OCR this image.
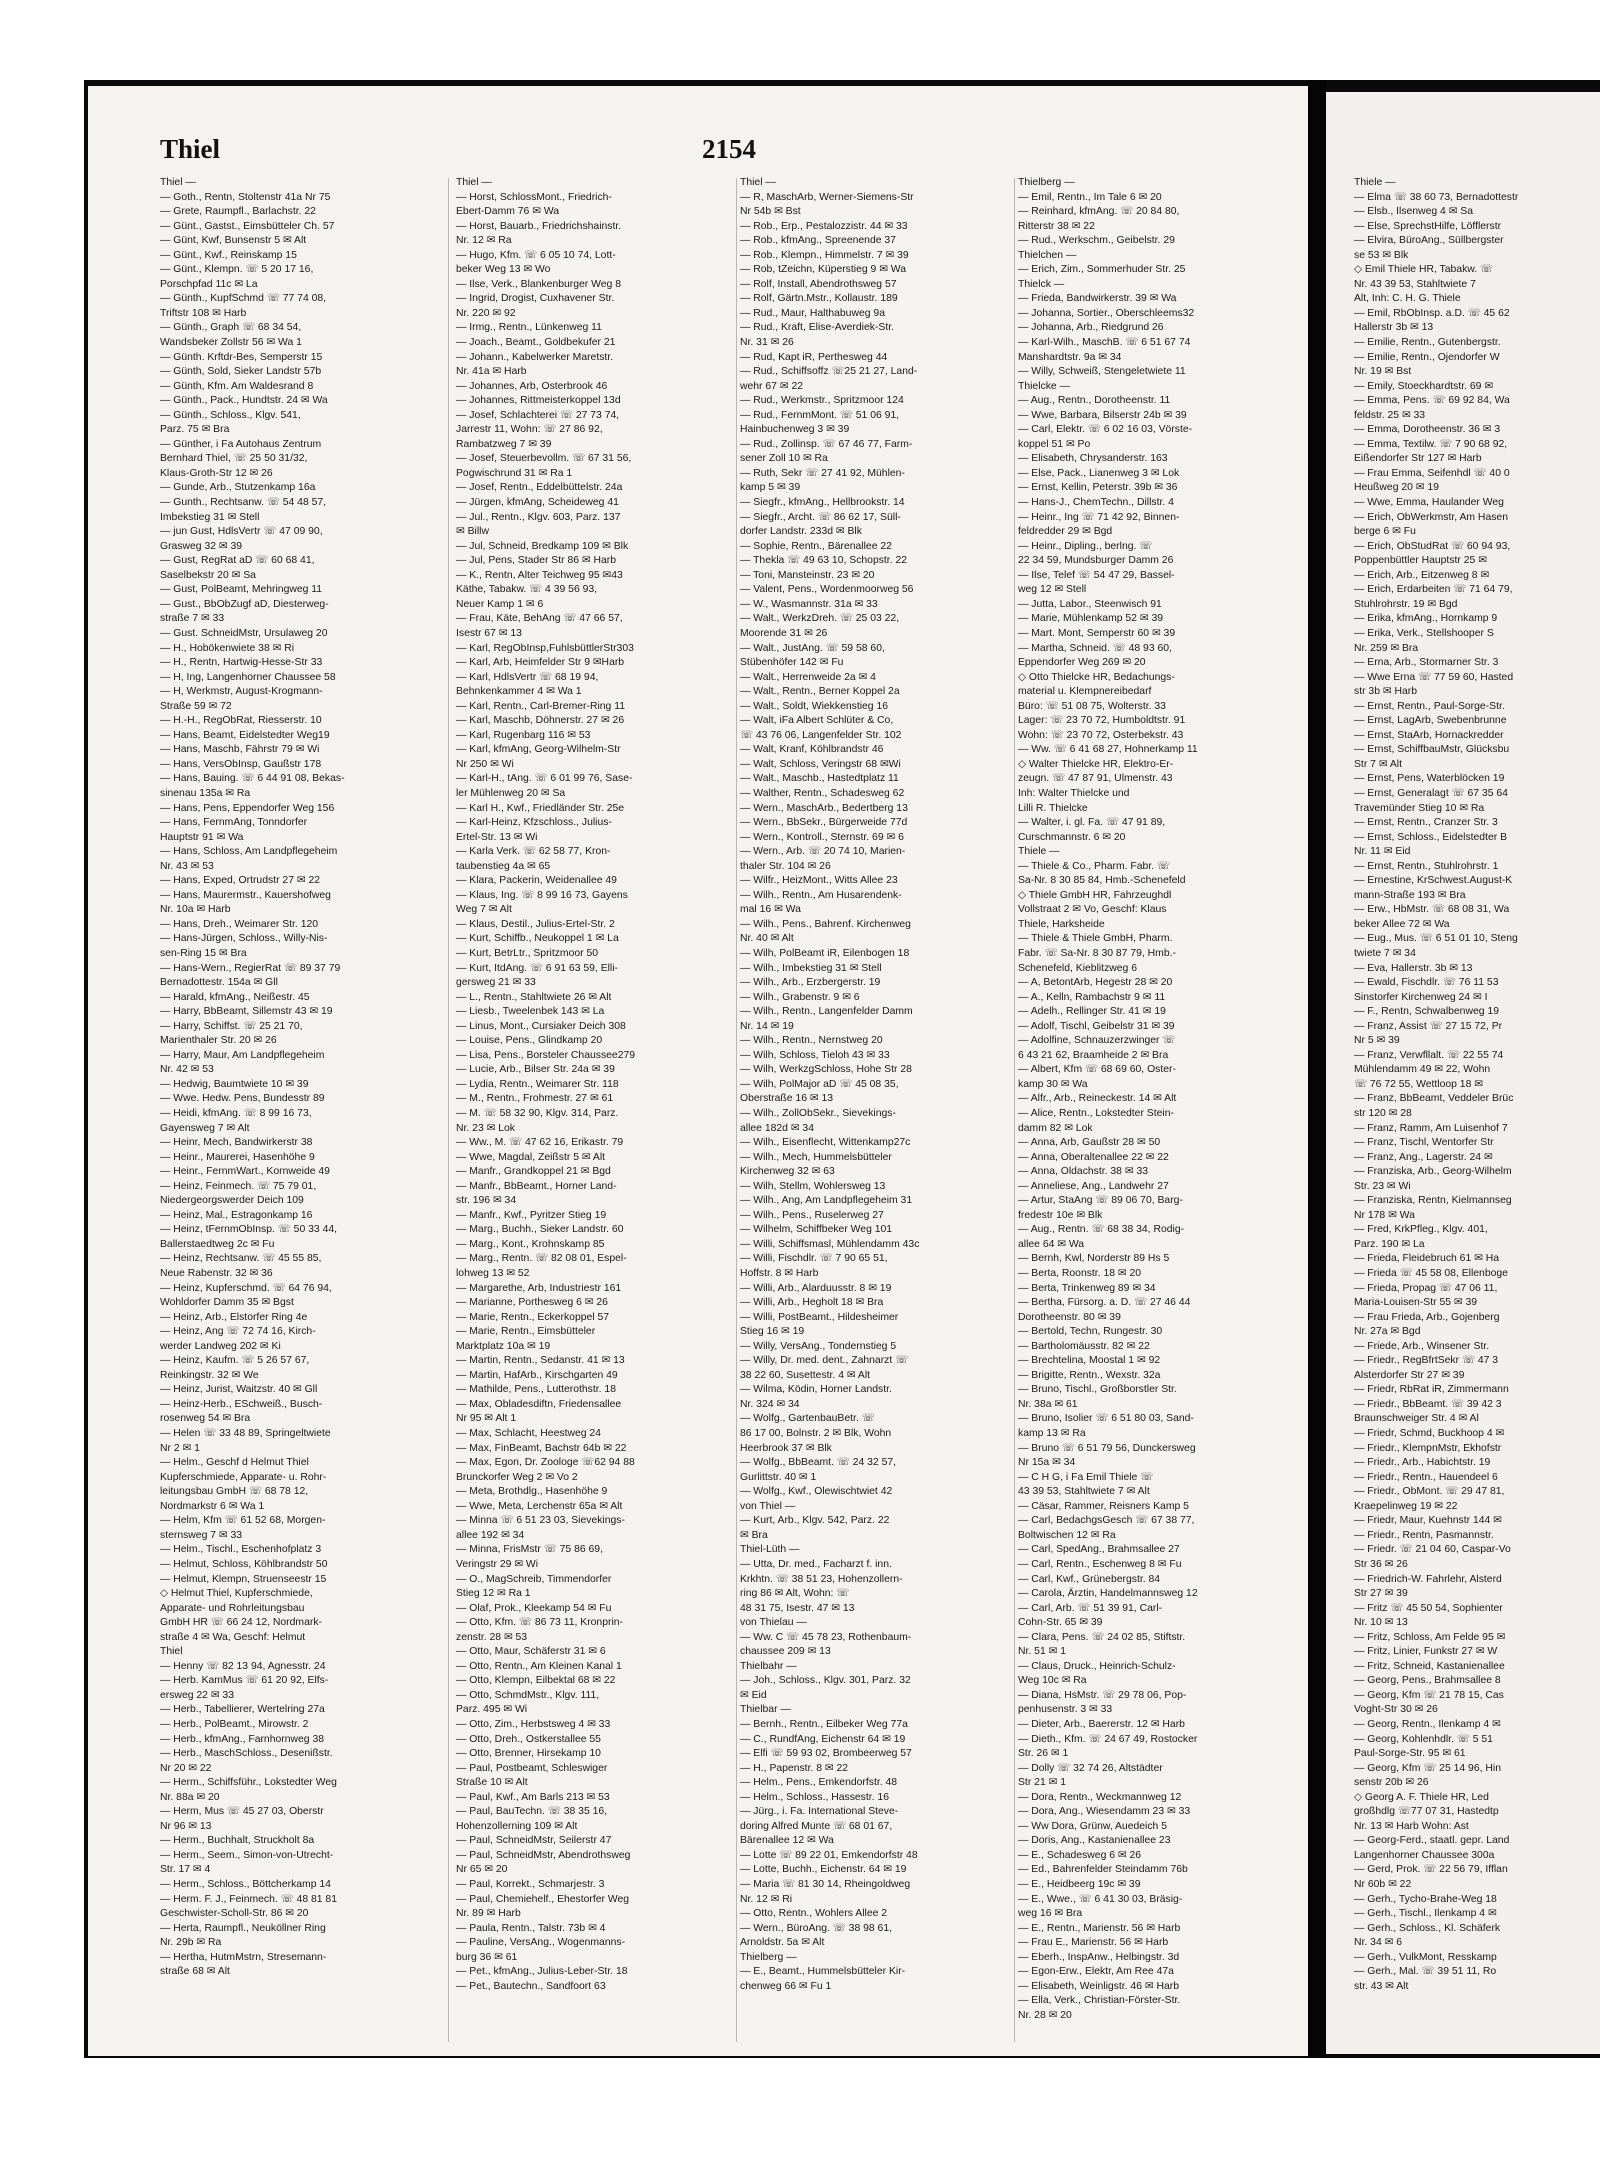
Thiel	2154
Thiel —
— Goth., Rentn, Stoltenstr 41a Nr 75
— Grete, Raumpfl., Barlachstr. 22
— Günt., Gastst., Eimsbütteler Ch. 57
— Günt, Kwf, Bunsenstr 5 ✉ Alt
— Günt., Kwf., Reinskamp 15
— Günt., Klempn. ☏ 5 20 17 16,
Porschpfad 11c ✉ La
— Günth., KupfSchmd ☏ 77 74 08,
Triftstr 108 ✉ Harb
— Günth., Graph ☏ 68 34 54,
Wandsbeker Zollstr 56 ✉ Wa 1
— Günth. Krftdr-Bes, Semperstr 15
— Günth, Sold, Sieker Landstr 57b
— Günth, Kfm. Am Waldesrand 8
— Günth., Pack., Hundtstr. 24 ✉ Wa
— Günth., Schloss., Klgv. 541,
Parz. 75 ✉ Bra
— Günther, i Fa Autohaus Zentrum
Bernhard Thiel, ☏ 25 50 31/32,
Klaus-Groth-Str 12 ✉ 26
— Gunde, Arb., Stutzenkamp 16a
— Gunth., Rechtsanw. ☏ 54 48 57,
Imbekstieg 31 ✉ Stell
— jun Gust, HdlsVertr ☏ 47 09 90,
Grasweg 32 ✉ 39
— Gust, RegRat aD ☏ 60 68 41,
Saselbekstr 20 ✉ Sa
— Gust, PolBeamt, Mehringweg 11
— Gust., BbObZugf aD, Diesterweg-
straße 7 ✉ 33
— Gust. SchneidMstr, Ursulaweg 20
— H., Hobökenwiete 38 ✉ Ri
— H., Rentn, Hartwig-Hesse-Str 33
— H, Ing, Langenhorner Chaussee 58
— H, Werkmstr, August-Krogmann-
Straße 59 ✉ 72
— H.-H., RegObRat, Riesserstr. 10
— Hans, Beamt, Eidelstedter Weg19
— Hans, Maschb, Fährstr 79 ✉ Wi
— Hans, VersObInsp, Gaußstr 178
— Hans, Bauing. ☏ 6 44 91 08, Bekas-
sinenau 135a ✉ Ra
— Hans, Pens, Eppendorfer Weg 156
— Hans, FernmAng, Tonndorfer
Hauptstr 91 ✉ Wa
— Hans, Schloss, Am Landpflegeheim
Nr. 43 ✉ 53
— Hans, Exped, Ortrudstr 27 ✉ 22
— Hans, Maurermstr., Kauershofweg
Nr. 10a ✉ Harb
— Hans, Dreh., Weimarer Str. 120
— Hans-Jürgen, Schloss., Willy-Nis-
sen-Ring 15 ✉ Bra
— Hans-Wern., RegierRat ☏ 89 37 79
Bernadottestr. 154a ✉ Gll
— Harald, kfmAng., Neißestr. 45
— Harry, BbBeamt, Sillemstr 43 ✉ 19
— Harry, Schiffst. ☏ 25 21 70,
Marienthaler Str. 20 ✉ 26
— Harry, Maur, Am Landpflegeheim
Nr. 42 ✉ 53
— Hedwig, Baumtwiete 10 ✉ 39
— Wwe. Hedw. Pens, Bundesstr 89
— Heidi, kfmAng. ☏ 8 99 16 73,
Gayensweg 7 ✉ Alt
— Heinr, Mech, Bandwirkerstr 38
— Heinr., Maurerei, Hasenhöhe 9
— Heinr., FernmWart., Kornweide 49
— Heinz, Feinmech. ☏ 75 79 01,
Niedergeorgswerder Deich 109
— Heinz, Mal., Estragonkamp 16
— Heinz, tFernmObInsp. ☏ 50 33 44,
Ballerstaedtweg 2c ✉ Fu
— Heinz, Rechtsanw. ☏ 45 55 85,
Neue Rabenstr. 32 ✉ 36
— Heinz, Kupferschmd. ☏ 64 76 94,
Wohldorfer Damm 35 ✉ Bgst
— Heinz, Arb., Elstorfer Ring 4e
— Heinz, Ang ☏ 72 74 16, Kirch-
werder Landweg 202 ✉ Ki
— Heinz, Kaufm. ☏ 5 26 57 67,
Reinkingstr. 32 ✉ We
— Heinz, Jurist, Waitzstr. 40 ✉ Gll
— Heinz-Herb., ESchweiß., Busch-
rosenweg 54 ✉ Bra
— Helen ☏ 33 48 89, Springeltwiete
Nr 2 ✉ 1
— Helm., Geschf d Helmut Thiel
Kupferschmiede, Apparate- u. Rohr-
leitungsbau GmbH ☏ 68 78 12,
Nordmarkstr 6 ✉ Wa 1
— Helm, Kfm ☏ 61 52 68, Morgen-
sternsweg 7 ✉ 33
— Helm., Tischl., Eschenhofplatz 3
— Helmut, Schloss, Köhlbrandstr 50
— Helmut, Klempn, Struenseestr 15
◇ Helmut Thiel, Kupferschmiede,
Apparate- und Rohrleitungsbau
GmbH HR ☏ 66 24 12, Nordmark-
straße 4 ✉ Wa, Geschf: Helmut
Thiel
— Henny ☏ 82 13 94, Agnesstr. 24
— Herb. KamMus ☏ 61 20 92, Elfs-
ersweg 22 ✉ 33
— Herb., Tabellierer, Wertelring 27a
— Herb., PolBeamt., Mirowstr. 2
— Herb., kfmAng., Farnhornweg 38
— Herb., MaschSchloss., Desenißstr.
Nr 20 ✉ 22
— Herm., Schiffsführ., Lokstedter Weg
Nr. 88a ✉ 20
— Herm, Mus ☏ 45 27 03, Oberstr
Nr 96 ✉ 13
— Herm., Buchhalt, Struckholt 8a
— Herm., Seem., Simon-von-Utrecht-
Str. 17 ✉ 4
— Herm., Schloss., Böttcherkamp 14
— Herm. F. J., Feinmech. ☏ 48 81 81
Geschwister-Scholl-Str. 86 ✉ 20
— Herta, Raumpfl., Neuköllner Ring
Nr. 29b ✉ Ra
— Hertha, HutmMstrn, Stresemann-
straße 68 ✉ Alt
Thiel —
— Horst, SchlossMont., Friedrich-
Ebert-Damm 76 ✉ Wa
— Horst, Bauarb., Friedrichshainstr.
Nr. 12 ✉ Ra
— Hugo, Kfm. ☏ 6 05 10 74, Lott-
beker Weg 13 ✉ Wo
— Ilse, Verk., Blankenburger Weg 8
— Ingrid, Drogist, Cuxhavener Str.
Nr. 220 ✉ 92
— Irmg., Rentn., Lünkenweg 11
— Joach., Beamt., Goldbekufer 21
— Johann., Kabelwerker Maretstr.
Nr. 41a ✉ Harb
— Johannes, Arb, Osterbrook 46
— Johannes, Rittmeisterkoppel 13d
— Josef, Schlachterei ☏ 27 73 74,
Jarrestr 11, Wohn: ☏ 27 86 92,
Rambatzweg 7 ✉ 39
— Josef, Steuerbevollm. ☏ 67 31 56,
Pogwischrund 31 ✉ Ra 1
— Josef, Rentn., Eddelbüttelstr. 24a
— Jürgen, kfmAng, Scheideweg 41
— Jul., Rentn., Klgv. 603, Parz. 137
✉ Billw
— Jul, Schneid, Bredkamp 109 ✉ Blk
— Jul, Pens, Stader Str 86 ✉ Harb
— K., Rentn, Alter Teichweg 95 ✉43
Käthe, Tabakw. ☏ 4 39 56 93,
Neuer Kamp 1 ✉ 6
— Frau, Käte, BehAng ☏ 47 66 57,
Isestr 67 ✉ 13
— Karl, RegObInsp,FuhlsbüttlerStr303
— Karl, Arb, Heimfelder Str 9 ✉Harb
— Karl, HdlsVertr ☏ 68 19 94,
Behnkenkammer 4 ✉ Wa 1
— Karl, Rentn., Carl-Bremer-Ring 11
— Karl, Maschb, Döhnerstr. 27 ✉ 26
— Karl, Rugenbarg 116 ✉ 53
— Karl, kfmAng, Georg-Wilhelm-Str
Nr 250 ✉ Wi
— Karl-H., tAng. ☏ 6 01 99 76, Sase-
ler Mühlenweg 20 ✉ Sa
— Karl H., Kwf., Friedländer Str. 25e
— Karl-Heinz, Kfzschloss., Julius-
Ertel-Str. 13 ✉ Wi
— Karla Verk. ☏ 62 58 77, Kron-
taubenstieg 4a ✉ 65
— Klara, Packerin, Weidenallee 49
— Klaus, Ing. ☏ 8 99 16 73, Gayens
Weg 7 ✉ Alt
— Klaus, Destil., Julius-Ertel-Str. 2
— Kurt, Schiffb., Neukoppel 1 ✉ La
— Kurt, BetrLtr., Spritzmoor 50
— Kurt, ItdAng. ☏ 6 91 63 59, Elli-
gersweg 21 ✉ 33
— L., Rentn., Stahltwiete 26 ✉ Alt
— Liesb., Tweelenbek 143 ✉ La
— Linus, Mont., Cursiaker Deich 308
— Louise, Pens., Glindkamp 20
— Lisa, Pens., Borsteler Chaussee279
— Lucie, Arb., Bilser Str. 24a ✉ 39
— Lydia, Rentn., Weimarer Str. 118
— M., Rentn., Frohmestr. 27 ✉ 61
— M. ☏ 58 32 90, Klgv. 314, Parz.
Nr. 23 ✉ Lok
— Ww., M. ☏ 47 62 16, Erikastr. 79
— Wwe, Magdal, Zeißstr 5 ✉ Alt
— Manfr., Grandkoppel 21 ✉ Bgd
— Manfr., BbBeamt., Horner Land-
str. 196 ✉ 34
— Manfr., Kwf., Pyritzer Stieg 19
— Marg., Buchh., Sieker Landstr. 60
— Marg., Kont., Krohnskamp 85
— Marg., Rentn. ☏ 82 08 01, Espel-
lohweg 13 ✉ 52
— Margarethe, Arb, Industriestr 161
— Marianne, Porthesweg 6 ✉ 26
— Marie, Rentn., Eckerkoppel 57
— Marie, Rentn., Eimsbütteler
Marktplatz 10a ✉ 19
— Martin, Rentn., Sedanstr. 41 ✉ 13
— Martin, HafArb., Kirschgarten 49
— Mathilde, Pens., Lutterothstr. 18
— Max, Obladesdiftn, Friedensallee
Nr 95 ✉ Alt 1
— Max, Schlacht, Heestweg 24
— Max, FinBeamt, Bachstr 64b ✉ 22
— Max, Egon, Dr. Zoologe ☏62 94 88
Brunckorfer Weg 2 ✉ Vo 2
— Meta, Brothdlg., Hasenhöhe 9
— Wwe, Meta, Lerchenstr 65a ✉ Alt
— Minna ☏ 6 51 23 03, Sievekings-
allee 192 ✉ 34
— Minna, FrisMstr ☏ 75 86 69,
Veringstr 29 ✉ Wi
— O., MagSchreib, Timmendorfer
Stieg 12 ✉ Ra 1
— Olaf, Prok., Kleekamp 54 ✉ Fu
— Otto, Kfm. ☏ 86 73 11, Kronprin-
zenstr. 28 ✉ 53
— Otto, Maur, Schäferstr 31 ✉ 6
— Otto, Rentn., Am Kleinen Kanal 1
— Otto, Klempn, Eilbektal 68 ✉ 22
— Otto, SchmdMstr., Klgv. 111,
Parz. 495 ✉ Wi
— Otto, Zim., Herbstsweg 4 ✉ 33
— Otto, Dreh., Ostkerstallee 55
— Otto, Brenner, Hirsekamp 10
— Paul, Postbeamt, Schleswiger
Straße 10 ✉ Alt
— Paul, Kwf., Am Barls 213 ✉ 53
— Paul, BauTechn. ☏ 38 35 16,
Hohenzollerning 109 ✉ Alt
— Paul, SchneidMstr, Seilerstr 47
— Paul, SchneidMstr, Abendrothsweg
Nr 65 ✉ 20
— Paul, Korrekt., Schmarjestr. 3
— Paul, Chemiehelf., Ehestorfer Weg
Nr. 89 ✉ Harb
— Paula, Rentn., Talstr. 73b ✉ 4
— Pauline, VersAng., Wogenmanns-
burg 36 ✉ 61
— Pet., kfmAng., Julius-Leber-Str. 18
— Pet., Bautechn., Sandfoort 63
Thiel —
— R, MaschArb, Werner-Siemens-Str
Nr 54b ✉ Bst
— Rob., Erp., Pestalozzistr. 44 ✉ 33
— Rob., kfmAng., Spreenende 37
— Rob., Klempn., Himmelstr. 7 ✉ 39
— Rob, tZeichn, Küperstieg 9 ✉ Wa
— Rolf, Install, Abendrothsweg 57
— Rolf, Gärtn.Mstr., Kollaustr. 189
— Rud., Maur, Halthabuweg 9a
— Rud., Kraft, Elise-Averdiek-Str.
Nr. 31 ✉ 26
— Rud, Kapt iR, Perthesweg 44
— Rud., Schiffsoffz ☏25 21 27, Land-
wehr 67 ✉ 22
— Rud., Werkmstr., Spritzmoor 124
— Rud., FernmMont. ☏ 51 06 91,
Hainbuchenweg 3 ✉ 39
— Rud., Zollinsp. ☏ 67 46 77, Farm-
sener Zoll 10 ✉ Ra
— Ruth, Sekr ☏ 27 41 92, Mühlen-
kamp 5 ✉ 39
— Siegfr., kfmAng., Hellbrookstr. 14
— Siegfr., Archt. ☏ 86 62 17, Süll-
dorfer Landstr. 233d ✉ Blk
— Sophie, Rentn., Bärenallee 22
— Thekla ☏ 49 63 10, Schopstr. 22
— Toni, Mansteinstr. 23 ✉ 20
— Valent, Pens., Wordenmoorweg 56
— W., Wasmannstr. 31a ✉ 33
— Walt., WerkzDreh. ☏ 25 03 22,
Moorende 31 ✉ 26
— Walt., JustAng. ☏ 59 58 60,
Stübenhöfer 142 ✉ Fu
— Walt., Herrenweide 2a ✉ 4
— Walt., Rentn., Berner Koppel 2a
— Walt., Soldt, Wiekkenstieg 16
— Walt, iFa Albert Schlüter & Co,
☏ 43 76 06, Langenfelder Str. 102
— Walt, Kranf, Köhlbrandstr 46
— Walt, Schloss, Veringstr 68 ✉Wi
— Walt., Maschb., Hastedtplatz 11
— Walther, Rentn., Schadesweg 62
— Wern., MaschArb., Bedertberg 13
— Wern., BbSekr., Bürgerweide 77d
— Wern., Kontroll., Sternstr. 69 ✉ 6
— Wern., Arb. ☏ 20 74 10, Marien-
thaler Str. 104 ✉ 26
— Wilfr., HeizMont., Witts Allee 23
— Wilh., Rentn., Am Husarendenk-
mal 16 ✉ Wa
— Wilh., Pens., Bahrenf. Kirchenweg
Nr. 40 ✉ Alt
— Wilh, PolBeamt iR, Eilenbogen 18
— Wilh., Imbekstieg 31 ✉ Stell
— Wilh., Arb., Erzbergerstr. 19
— Wilh., Grabenstr. 9 ✉ 6
— Wilh., Rentn., Langenfelder Damm
Nr. 14 ✉ 19
— Wilh., Rentn., Nernstweg 20
— Wilh, Schloss, Tieloh 43 ✉ 33
— Wilh, WerkzgSchloss, Hohe Str 28
— Wilh, PolMajor aD ☏ 45 08 35,
Oberstraße 16 ✉ 13
— Wilh., ZollObSekr., Sievekings-
allee 182d ✉ 34
— Wilh., Eisenflecht, Wittenkamp27c
— Wilh., Mech, Hummelsbütteler
Kirchenweg 32 ✉ 63
— Wilh, Stellm, Wohlersweg 13
— Wilh., Ang, Am Landpflegeheim 31
— Wilh., Pens., Ruselerweg 27
— Wilhelm, Schiffbeker Weg 101
— Willi, Schiffsmasl, Mühlendamm 43c
— Willi, Fischdlr. ☏ 7 90 65 51,
Hoffstr. 8 ✉ Harb
— Willi, Arb., Alarduusstr. 8 ✉ 19
— Willi, Arb., Hegholt 18 ✉ Bra
— Willi, PostBeamt., Hildesheimer
Stieg 16 ✉ 19
— Willy, VersAng., Tondernstieg 5
— Willy, Dr. med. dent., Zahnarzt ☏
38 22 60, Susettestr. 4 ✉ Alt
— Wilma, Ködin, Horner Landstr.
Nr. 324 ✉ 34
— Wolfg., GartenbauBetr. ☏
86 17 00, Bolnstr. 2 ✉ Blk, Wohn
Heerbrook 37 ✉ Blk
— Wolfg., BbBeamt. ☏ 24 32 57,
Gurlittstr. 40 ✉ 1
— Wolfg., Kwf., Olewischtwiet 42
von Thiel —
— Kurt, Arb., Klgv. 542, Parz. 22
✉ Bra
Thiel-Lüth —
— Utta, Dr. med., Facharzt f. inn.
Krkhtn. ☏ 38 51 23, Hohenzollern-
ring 86 ✉ Alt, Wohn: ☏
48 31 75, Isestr. 47 ✉ 13
von Thielau —
— Ww. C ☏ 45 78 23, Rothenbaum-
chaussee 209 ✉ 13
Thielbahr —
— Joh., Schloss., Klgv. 301, Parz. 32
✉ Eid
Thielbar —
— Bernh., Rentn., Eilbeker Weg 77a
— C., RundfAng, Eichenstr 64 ✉ 19
— Elfi ☏ 59 93 02, Brombeerweg 57
— H., Papenstr. 8 ✉ 22
— Helm., Pens., Emkendorfstr. 48
— Helm., Schloss., Hassestr. 16
— Jürg., i. Fa. International Steve-
doring Alfred Munte ☏ 68 01 67,
Bärenallee 12 ✉ Wa
— Lotte ☏ 89 22 01, Emkendorfstr 48
— Lotte, Buchh., Eichenstr. 64 ✉ 19
— Maria ☏ 81 30 14, Rheingoldweg
Nr. 12 ✉ Ri
— Otto, Rentn., Wohlers Allee 2
— Wern., BüroAng. ☏ 38 98 61,
Arnoldstr. 5a ✉ Alt
Thielberg —
— E., Beamt., Hummelsbütteler Kir-
chenweg 66 ✉ Fu 1
Thielberg —
— Emil, Rentn., Im Tale 6 ✉ 20
— Reinhard, kfmAng. ☏ 20 84 80,
Ritterstr 38 ✉ 22
— Rud., Werkschm., Geibelstr. 29
Thielchen —
— Erich, Zim., Sommerhuder Str. 25
Thielck —
— Frieda, Bandwirkerstr. 39 ✉ Wa
— Johanna, Sortier., Oberschleems32
— Johanna, Arb., Riedgrund 26
— Karl-Wilh., MaschB. ☏ 6 51 67 74
Manshardtstr. 9a ✉ 34
— Willy, Schweiß, Stengeletwiete 11
Thielcke —
— Aug., Rentn., Dorotheenstr. 11
— Wwe, Barbara, Bilserstr 24b ✉ 39
— Carl, Elektr. ☏ 6 02 16 03, Vörste-
koppel 51 ✉ Po
— Elisabeth, Chrysanderstr. 163
— Else, Pack., Lianenweg 3 ✉ Lok
— Ernst, Kellin, Peterstr. 39b ✉ 36
— Hans-J., ChemTechn., Dillstr. 4
— Heinr., Ing ☏ 71 42 92, Binnen-
feldredder 29 ✉ Bgd
— Heinr., Dipling., berlng. ☏
22 34 59, Mundsburger Damm 26
— Ilse, Telef ☏ 54 47 29, Bassel-
weg 12 ✉ Stell
— Jutta, Labor., Steenwisch 91
— Marie, Mühlenkamp 52 ✉ 39
— Mart. Mont, Semperstr 60 ✉ 39
— Martha, Schneid. ☏ 48 93 60,
Eppendorfer Weg 269 ✉ 20
◇ Otto Thielcke HR, Bedachungs-
material u. Klempnereibedarf
Büro: ☏ 51 08 75, Wolterstr. 33
Lager: ☏ 23 70 72, Humboldtstr. 91
Wohn: ☏ 23 70 72, Osterbekstr. 43
— Ww. ☏ 6 41 68 27, Hohnerkamp 11
◇ Walter Thielcke HR, Elektro-Er-
zeugn. ☏ 47 87 91, Ulmenstr. 43
Inh: Walter Thielcke und
Lilli R. Thielcke
— Walter, i. gl. Fa. ☏ 47 91 89,
Curschmannstr. 6 ✉ 20
Thiele —
— Thiele & Co., Pharm. Fabr. ☏
Sa-Nr. 8 30 85 84, Hmb.-Schenefeld
◇ Thiele GmbH HR, Fahrzeughdl
Vollstraat 2 ✉ Vo, Geschf: Klaus
Thiele, Harksheide
— Thiele & Thiele GmbH, Pharm.
Fabr. ☏ Sa-Nr. 8 30 87 79, Hmb.-
Schenefeld, Kieblitzweg 6
— A, BetontArb, Hegestr 28 ✉ 20
— A., Kelln, Rambachstr 9 ✉ 11
— Adelh., Rellinger Str. 41 ✉ 19
— Adolf, Tischl, Geibelstr 31 ✉ 39
— Adolfine, Schnauzerzwinger ☏
6 43 21 62, Braamheide 2 ✉ Bra
— Albert, Kfm ☏ 68 69 60, Oster-
kamp 30 ✉ Wa
— Alfr., Arb., Reineckestr. 14 ✉ Alt
— Alice, Rentn., Lokstedter Stein-
damm 82 ✉ Lok
— Anna, Arb, Gaußstr 28 ✉ 50
— Anna, Oberaltenallee 22 ✉ 22
— Anna, Oldachstr. 38 ✉ 33
— Anneliese, Ang., Landwehr 27
— Artur, StaAng ☏ 89 06 70, Barg-
fredestr 10e ✉ Blk
— Aug., Rentn. ☏ 68 38 34, Rodig-
allee 64 ✉ Wa
— Bernh, Kwl, Norderstr 89 Hs 5
— Berta, Roonstr. 18 ✉ 20
— Berta, Trinkenweg 89 ✉ 34
— Bertha, Fürsorg. a. D. ☏ 27 46 44
Dorotheenstr. 80 ✉ 39
— Bertold, Techn, Rungestr. 30
— Bartholomäusstr. 82 ✉ 22
— Brechtelina, Moostal 1 ✉ 92
— Brigitte, Rentn., Wexstr. 32a
— Bruno, Tischl., Großborstler Str.
Nr. 38a ✉ 61
— Bruno, Isolier ☏ 6 51 80 03, Sand-
kamp 13 ✉ Ra
— Bruno ☏ 6 51 79 56, Dunckersweg
Nr 15a ✉ 34
— C H G, i Fa Emil Thiele ☏
43 39 53, Stahltwiete 7 ✉ Alt
— Cäsar, Rammer, Reisners Kamp 5
— Carl, BedachgsGesch ☏ 67 38 77,
Boltwischen 12 ✉ Ra
— Carl, SpedAng., Brahmsallee 27
— Carl, Rentn., Eschenweg 8 ✉ Fu
— Carl, Kwf., Grünebergstr. 84
— Carola, Ärztin, Handelmannsweg 12
— Carl, Arb. ☏ 51 39 91, Carl-
Cohn-Str. 65 ✉ 39
— Clara, Pens. ☏ 24 02 85, Stiftstr.
Nr. 51 ✉ 1
— Claus, Druck., Heinrich-Schulz-
Weg 10c ✉ Ra
— Diana, HsMstr. ☏ 29 78 06, Pop-
penhusenstr. 3 ✉ 33
— Dieter, Arb., Baererstr. 12 ✉ Harb
— Dieth., Kfm. ☏ 24 67 49, Rostocker
Str. 26 ✉ 1
— Dolly ☏ 32 74 26, Altstädter
Str 21 ✉ 1
— Dora, Rentn., Weckmannweg 12
— Dora, Ang., Wiesendamm 23 ✉ 33
— Ww Dora, Grünw, Auedeich 5
— Doris, Ang., Kastanienallee 23
— E., Schadesweg 6 ✉ 26
— Ed., Bahrenfelder Steindamm 76b
— E., Heidbeerg 19c ✉ 39
— E., Wwe., ☏ 6 41 30 03, Bräsig-
weg 16 ✉ Bra
— E., Rentn., Marienstr. 56 ✉ Harb
— Frau E., Marienstr. 56 ✉ Harb
— Eberh., InspAnw., Helbingstr. 3d
— Egon-Erw., Elektr, Am Ree 47a
— Elisabeth, Weinligstr. 46 ✉ Harb
— Ella, Verk., Christian-Förster-Str.
Nr. 28 ✉ 20
Thiele —
— Elma ☏ 38 60 73, Bernadottestr
— Elsb., Ilsenweg 4 ✉ Sa
— Else, SprechstHilfe, Löfflerstr
— Elvira, BüroAng., Süllbergster
se 53 ✉ Blk
◇ Emil Thiele HR, Tabakw. ☏
Nr. 43 39 53, Stahltwiete 7
Alt, Inh: C. H. G. Thiele
— Emil, RbObInsp. a.D. ☏ 45 62
Hallerstr 3b ✉ 13
— Emilie, Rentn., Gutenbergstr.
— Emilie, Rentn., Ojendorfer W
Nr. 19 ✉ Bst
— Emily, Stoeckhardtstr. 69 ✉
— Emma, Pens. ☏ 69 92 84, Wa
feldstr. 25 ✉ 33
— Emma, Dorotheenstr. 36 ✉ 3
— Emma, Textilw. ☏ 7 90 68 92,
Eißendorfer Str 127 ✉ Harb
— Frau Emma, Seifenhdl ☏ 40 0
Heußweg 20 ✉ 19
— Wwe, Emma, Haulander Weg
— Erich, ObWerkmstr, Am Hasen
berge 6 ✉ Fu
— Erich, ObStudRat ☏ 60 94 93,
Poppenbüttler Hauptstr 25 ✉
— Erich, Arb., Eitzenweg 8 ✉
— Erich, Erdarbeiten ☏ 71 64 79,
Stuhlrohrstr. 19 ✉ Bgd
— Erika, kfmAng., Hornkamp 9
— Erika, Verk., Stellshooper S
Nr. 259 ✉ Bra
— Erna, Arb., Stormarner Str. 3
— Wwe Erna ☏ 77 59 60, Hasted
str 3b ✉ Harb
— Ernst, Rentn., Paul-Sorge-Str.
— Ernst, LagArb, Swebenbrunne
— Ernst, StaArb, Hornackredder
— Ernst, SchiffbauMstr, Glücksbu
Str 7 ✉ Alt
— Ernst, Pens, Waterblöcken 19
— Ernst, Generalagt ☏ 67 35 64
Travemünder Stieg 10 ✉ Ra
— Ernst, Rentn., Cranzer Str. 3
— Ernst, Schloss., Eidelstedter B
Nr. 11 ✉ Eid
— Ernst, Rentn., Stuhlrohrstr. 1
— Ernestine, KrSchwest.August-K
mann-Straße 193 ✉ Bra
— Erw., HbMstr. ☏ 68 08 31, Wa
beker Allee 72 ✉ Wa
— Eug., Mus. ☏ 6 51 01 10, Steng
twiete 7 ✉ 34
— Eva, Hallerstr. 3b ✉ 13
— Ewald, Fischdlr. ☏ 76 11 53
Sinstorfer Kirchenweg 24 ✉ I
— F., Rentn, Schwalbenweg 19
— Franz, Assist ☏ 27 15 72, Pr
Nr 5 ✉ 39
— Franz, Verwfllalt. ☏ 22 55 74
Mühlendamm 49 ✉ 22, Wohn
☏ 76 72 55, Wettloop 18 ✉
— Franz, BbBeamt, Veddeler Brüc
str 120 ✉ 28
— Franz, Ramm, Am Luisenhof 7
— Franz, Tischl, Wentorfer Str
— Franz, Ang., Lagerstr. 24 ✉
— Franziska, Arb., Georg-Wilhelm
Str. 23 ✉ Wi
— Franziska, Rentn, Kielmannseg
Nr 178 ✉ Wa
— Fred, KrkPfleg., Klgv. 401,
Parz. 190 ✉ La
— Frieda, Fleidebruch 61 ✉ Ha
— Frieda ☏ 45 58 08, Ellenboge
— Frieda, Propag ☏ 47 06 11,
Maria-Louisen-Str 55 ✉ 39
— Frau Frieda, Arb., Gojenberg
Nr. 27a ✉ Bgd
— Friede, Arb., Winsener Str.
— Friedr., RegBfrtSekr ☏ 47 3
Alsterdorfer Str 27 ✉ 39
— Friedr, RbRat iR, Zimmermann
— Friedr., BbBeamt. ☏ 39 42 3
Braunschweiger Str. 4 ✉ Al
— Friedr, Schmd, Buckhoop 4 ✉
— Friedr., KlempnMstr, Ekhofstr
— Friedr., Arb., Habichtstr. 19
— Friedr., Rentn., Hauendeel 6
— Friedr., ObMont. ☏ 29 47 81,
Kraepelinweg 19 ✉ 22
— Friedr, Maur, Kuehnstr 144 ✉
— Friedr., Rentn, Pasmannstr.
— Friedr. ☏ 21 04 60, Caspar-Vo
Str 36 ✉ 26
— Friedrich-W. Fahrlehr, Alsterd
Str 27 ✉ 39
— Fritz ☏ 45 50 54, Sophienter
Nr. 10 ✉ 13
— Fritz, Schloss, Am Felde 95 ✉
— Fritz, Linier, Funkstr 27 ✉ W
— Fritz, Schneid, Kastanienallee
— Georg, Pens., Brahmsallee 8
— Georg, Kfm ☏ 21 78 15, Cas
Voght-Str 30 ✉ 26
— Georg, Rentn., Ilenkamp 4 ✉
— Georg, Kohlenhdlr. ☏ 5 51
Paul-Sorge-Str. 95 ✉ 61
— Georg, Kfm ☏ 25 14 96, Hin
senstr 20b ✉ 26
◇ Georg A. F. Thiele HR, Led
großhdlg ☏77 07 31, Hastedtp
Nr. 13 ✉ Harb Wohn: Ast
— Georg-Ferd., staatl. gepr. Land
Langenhorner Chaussee 300a
— Gerd, Prok. ☏ 22 56 79, Ifflan
Nr 60b ✉ 22
— Gerh., Tycho-Brahe-Weg 18
— Gerh., Tischl., Ilenkamp 4 ✉
— Gerh., Schloss., Kl. Schäferk
Nr. 34 ✉ 6
— Gerh., VulkMont, Resskamp
— Gerh., Mal. ☏ 39 51 11, Ro
str. 43 ✉ Alt
